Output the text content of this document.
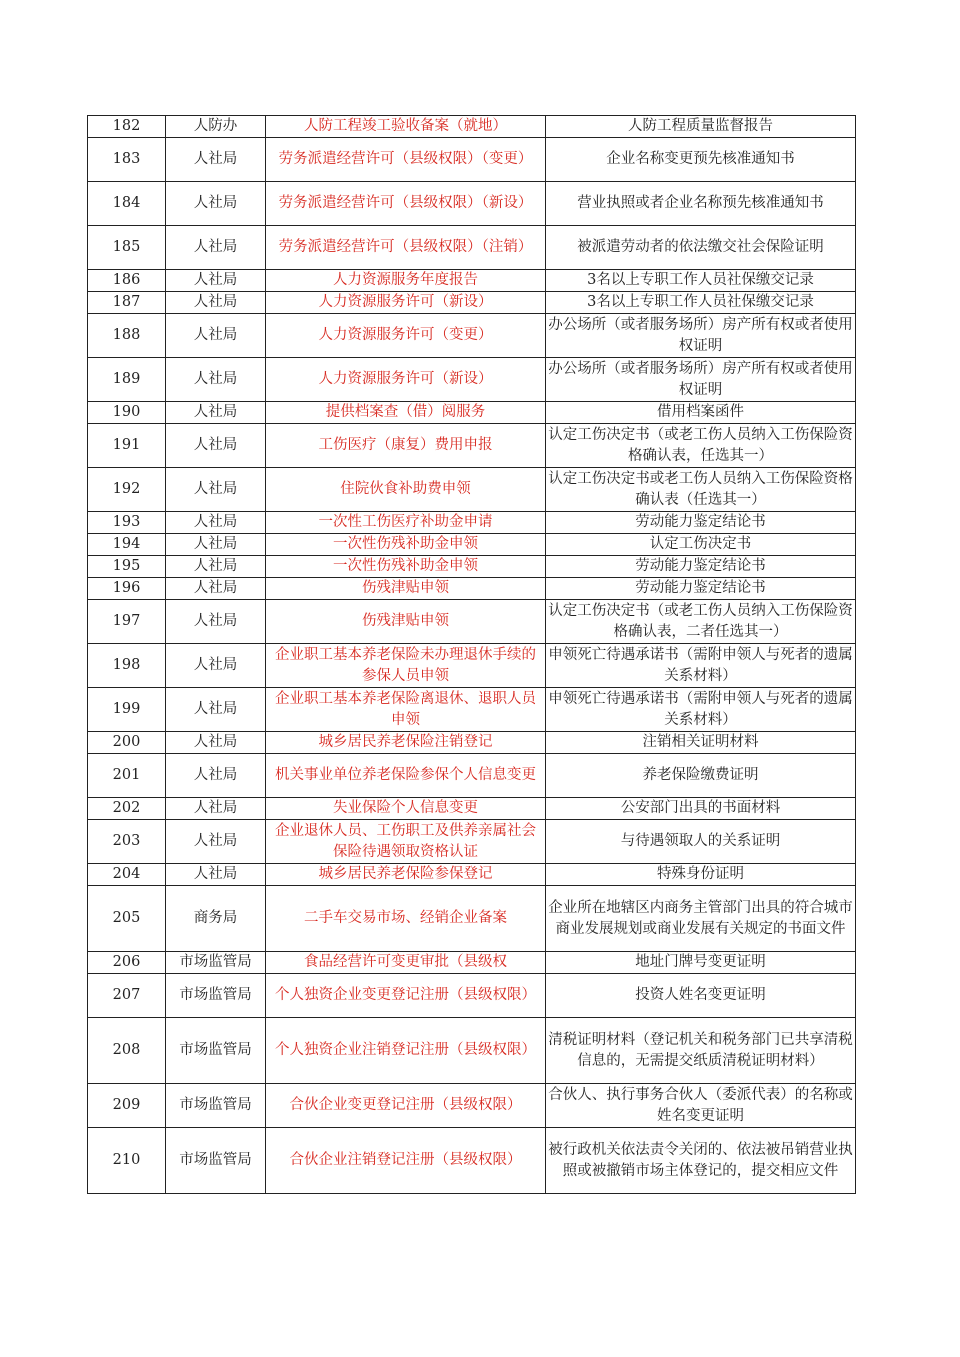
182	人防办	人防工程竣工验收备案（就地）	人防工程质量监督报告
183	人社局	劳务派遣经营许可（县级权限）（变更）	企业名称变更预先核准通知书
184	人社局	劳务派遣经营许可（县级权限）（新设）	营业执照或者企业名称预先核准通知书
185	人社局	劳务派遣经营许可（县级权限）（注销）	被派遣劳动者的依法缴交社会保险证明
186	人社局	人力资源服务年度报告	3名以上专职工作人员社保缴交记录
187	人社局	人力资源服务许可（新设）	3名以上专职工作人员社保缴交记录
188	人社局	人力资源服务许可（变更）	办公场所（或者服务场所）房产所有权或者使用权证明
189	人社局	人力资源服务许可（新设）	办公场所（或者服务场所）房产所有权或者使用权证明
190	人社局	提供档案查（借）阅服务	借用档案函件
191	人社局	工伤医疗（康复）费用申报	认定工伤决定书（或老工伤人员纳入工伤保险资格确认表，任选其一）
192	人社局	住院伙食补助费申领	认定工伤决定书或老工伤人员纳入工伤保险资格确认表（任选其一）
193	人社局	一次性工伤医疗补助金申请	劳动能力鉴定结论书
194	人社局	一次性伤残补助金申领	认定工伤决定书
195	人社局	一次性伤残补助金申领	劳动能力鉴定结论书
196	人社局	伤残津贴申领	劳动能力鉴定结论书
197	人社局	伤残津贴申领	认定工伤决定书（或老工伤人员纳入工伤保险资格确认表，二者任选其一）
198	人社局	企业职工基本养老保险未办理退休手续的参保人员申领	申领死亡待遇承诺书（需附申领人与死者的遗属关系材料）
199	人社局	企业职工基本养老保险离退休、退职人员申领	申领死亡待遇承诺书（需附申领人与死者的遗属关系材料）
200	人社局	城乡居民养老保险注销登记	注销相关证明材料
201	人社局	机关事业单位养老保险参保个人信息变更	养老保险缴费证明
202	人社局	失业保险个人信息变更	公安部门出具的书面材料
203	人社局	企业退休人员、工伤职工及供养亲属社会保险待遇领取资格认证	与待遇领取人的关系证明
204	人社局	城乡居民养老保险参保登记	特殊身份证明
205	商务局	二手车交易市场、经销企业备案	企业所在地辖区内商务主管部门出具的符合城市商业发展规划或商业发展有关规定的书面文件
206	市场监管局	食品经营许可变更审批（县级权	地址门牌号变更证明
207	市场监管局	个人独资企业变更登记注册（县级权限）	投资人姓名变更证明
208	市场监管局	个人独资企业注销登记注册（县级权限）	清税证明材料（登记机关和税务部门已共享清税信息的，无需提交纸质清税证明材料）
209	市场监管局	合伙企业变更登记注册（县级权限）	合伙人、执行事务合伙人（委派代表）的名称或姓名变更证明
210	市场监管局	合伙企业注销登记注册（县级权限）	被行政机关依法责令关闭的、依法被吊销营业执照或被撤销市场主体登记的，提交相应文件
